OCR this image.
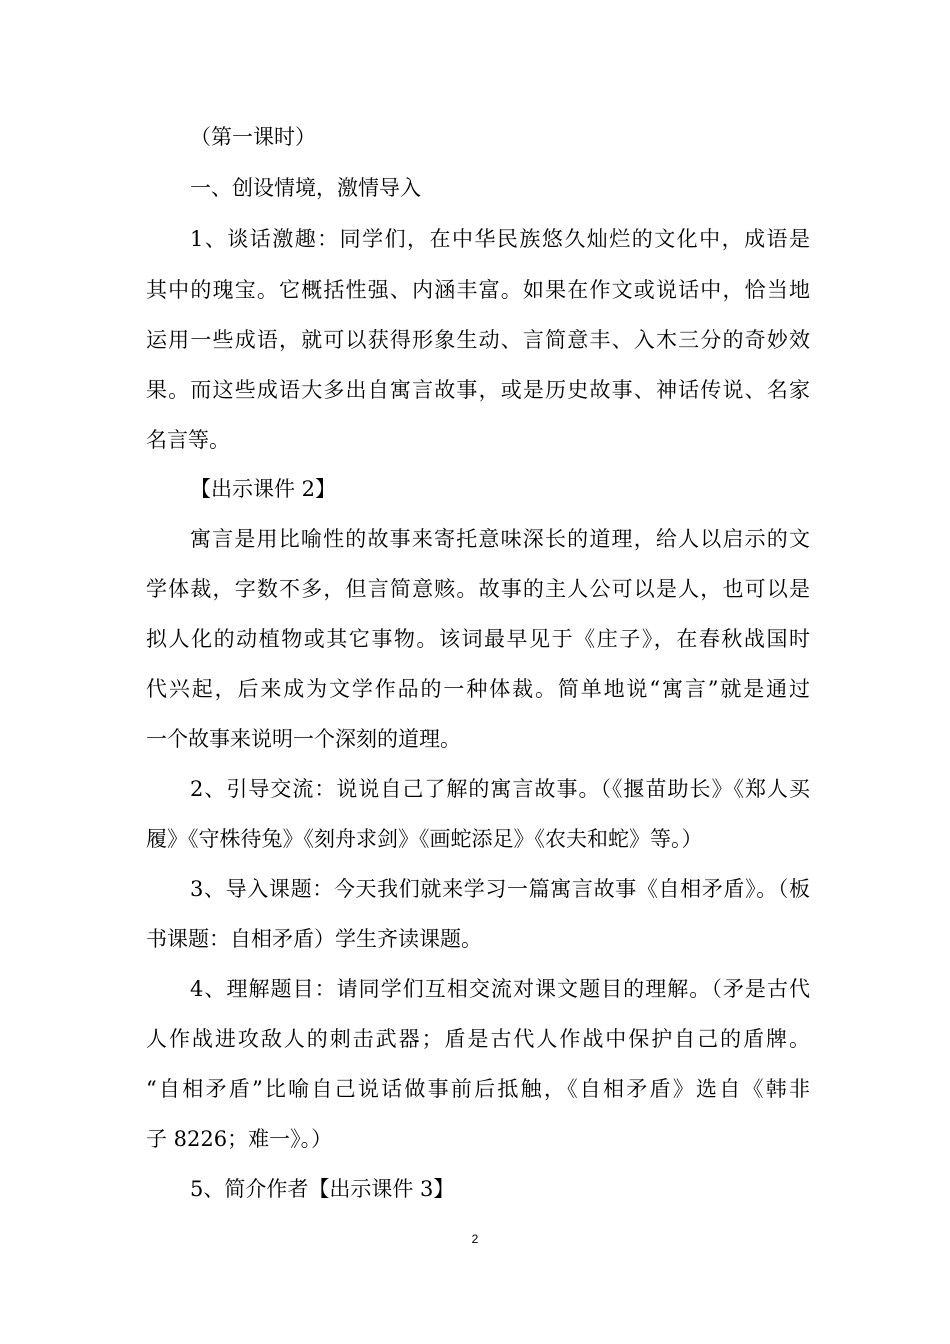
（第一课时）
一、创设情境，激情导入
1、谈话激趣：同学们，在中华民族悠久灿烂的文化中，成语是
其中的瑰宝。它概括性强、内涵丰富。如果在作文或说话中，恰当地
运用一些成语，就可以获得形象生动、言简意丰、入木三分的奇妙效
果。而这些成语大多出自寓言故事，或是历史故事、神话传说、名家
名言等。
【出示课件 2】
寓言是用比喻性的故事来寄托意味深长的道理，给人以启示的文
学体裁，字数不多，但言简意赅。故事的主人公可以是人，也可以是
拟人化的动植物或其它事物。该词最早见于《庄子》，在春秋战国时
代兴起，后来成为文学作品的一种体裁。简单地说“寓言”就是通过
一个故事来说明一个深刻的道理。
2、引导交流：说说自己了解的寓言故事。（《揠苗助长》《郑人买
履》《守株待兔》《刻舟求剑》《画蛇添足》《农夫和蛇》等。）
3、导入课题：今天我们就来学习一篇寓言故事《自相矛盾》。（板
书课题：自相矛盾）学生齐读课题。
4、理解题目：请同学们互相交流对课文题目的理解。（矛是古代
人作战进攻敌人的刺击武器；盾是古代人作战中保护自己的盾牌。
“自相矛盾”比喻自己说话做事前后抵触，《自相矛盾》选自《韩非
子 8226；难一》。）
5、简介作者【出示课件 3】
2
